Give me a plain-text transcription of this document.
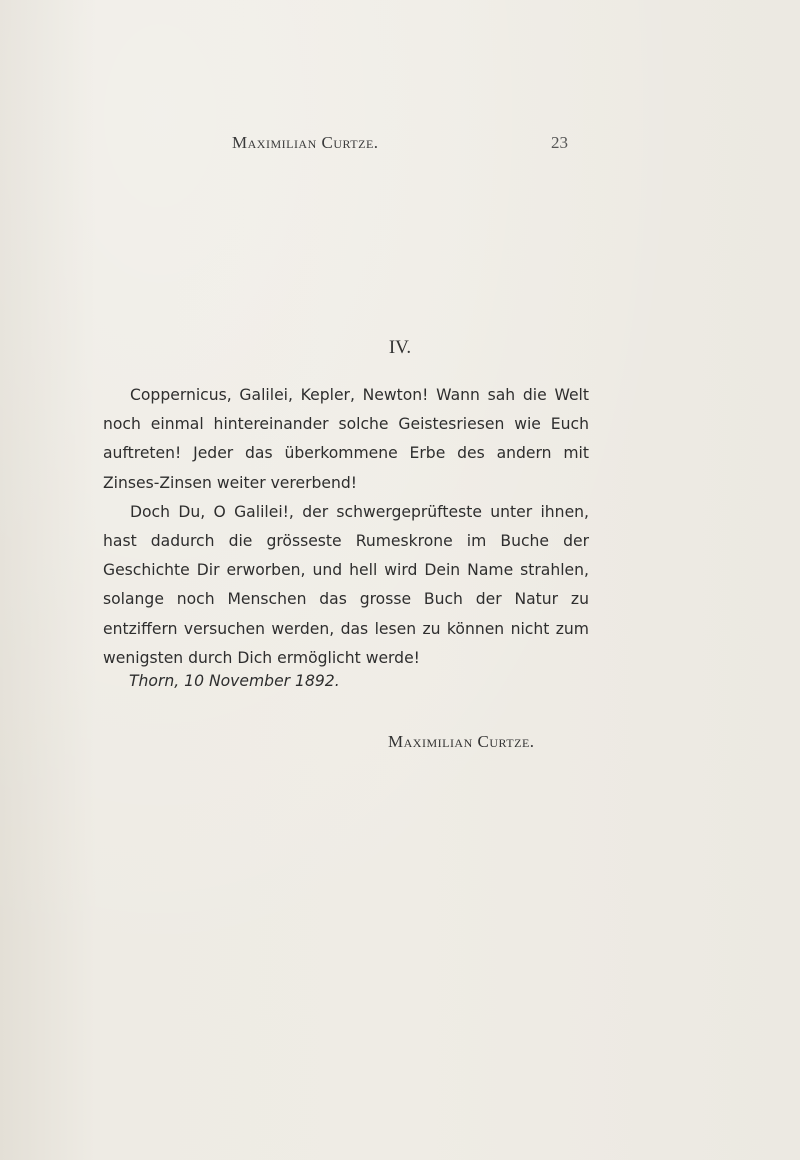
Maximilian Curtze.	23
IV.

Coppernicus, Galilei, Kepler, Newton! Wann sah die Welt noch einmal hintereinander solche Geistesriesen wie Euch auftreten! Jeder das überkommene Erbe des andern mit Zinses-Zinsen weiter vererbend!

Doch Du, O Galilei!, der schwergeprüfteste unter ihnen, hast dadurch die grösseste Rumeskrone im Buche der Geschichte Dir erworben, und hell wird Dein Name strahlen, solange noch Menschen das grosse Buch der Natur zu entziffern versuchen werden, das lesen zu können nicht zum wenigsten durch Dich ermöglicht werde!

Thorn, 10 November 1892.
Maximilian Curtze.
